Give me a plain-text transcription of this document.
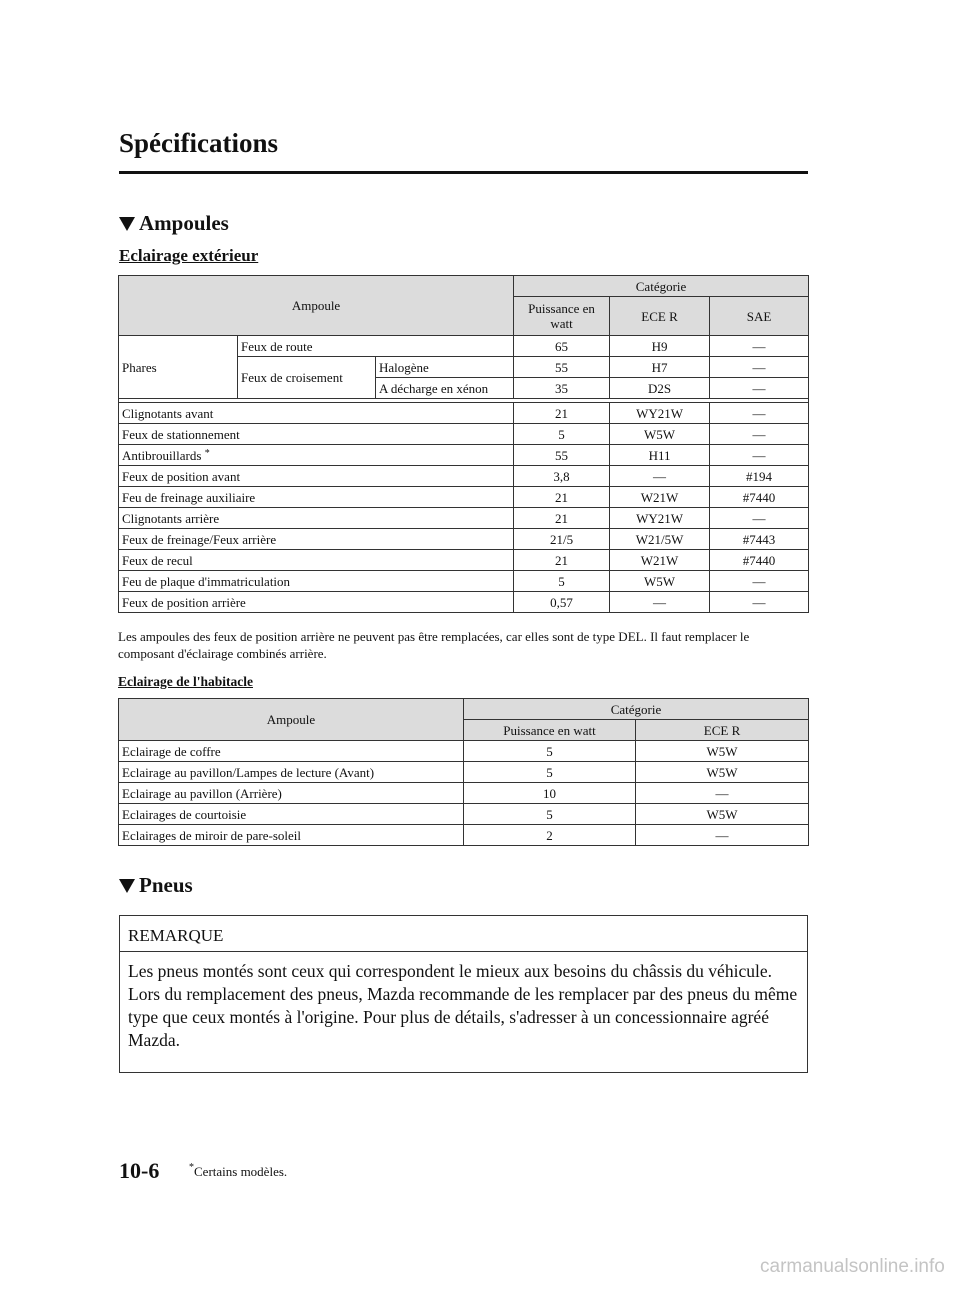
Spécifications
Ampoules
Eclairage extérieur
Ampoule			Catégorie		
			Puissance en watt	ECE R	SAE
Phares	Feux de route		65	H9	—
	Feux de croisement	Halogène	55	H7	—
		A décharge en xénon	35	D2S	—

Clignotants avant			21	WY21W	—
Feux de stationnement			5	W5W	—
Antibrouillards *			55	H11	—
Feux de position avant			3,8	—	#194
Feu de freinage auxiliaire			21	W21W	#7440
Clignotants arrière			21	WY21W	—
Feux de freinage/Feux arrière			21/5	W21/5W	#7443
Feux de recul			21	W21W	#7440
Feu de plaque d'immatriculation			5	W5W	—
Feux de position arrière			0,57	—	—
Les ampoules des feux de position arrière ne peuvent pas être remplacées, car elles sont de type DEL. Il faut remplacer le composant d'éclairage combinés arrière.
Eclairage de l'habitacle
Ampoule	Catégorie	
	Puissance en watt	ECE R
Eclairage de coffre	5	W5W
Eclairage au pavillon/Lampes de lecture (Avant)	5	W5W
Eclairage au pavillon (Arrière)	10	—
Eclairages de courtoisie	5	W5W
Eclairages de miroir de pare-soleil	2	—
Pneus
REMARQUE
Les pneus montés sont ceux qui correspondent le mieux aux besoins du châssis du véhicule.
Lors du remplacement des pneus, Mazda recommande de les remplacer par des pneus du même type que ceux montés à l'origine. Pour plus de détails, s'adresser à un concessionnaire agréé Mazda.
10-6	*Certains modèles.
carmanualsonline.info
